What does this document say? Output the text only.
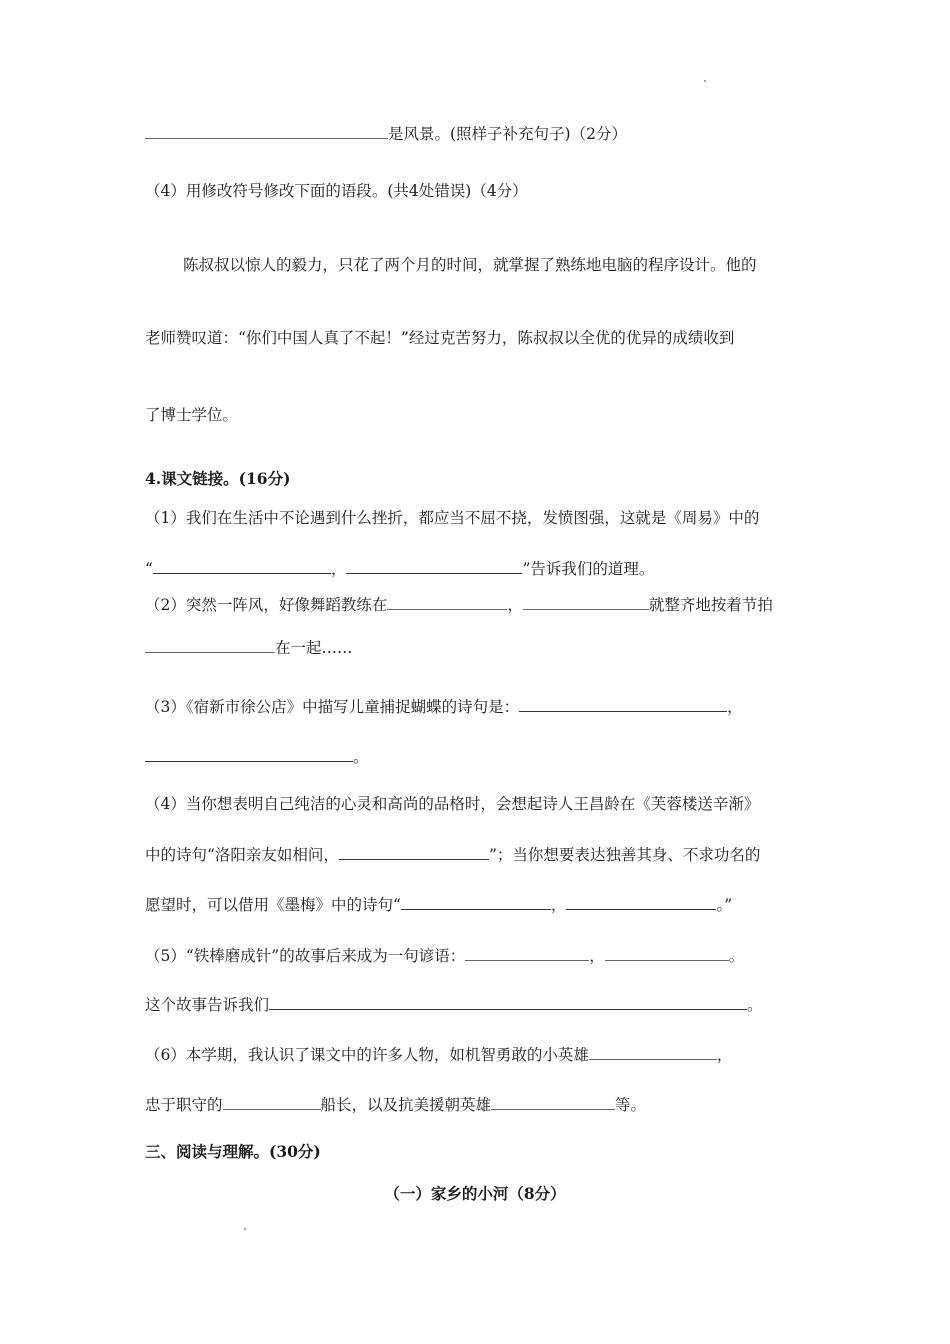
是风景。(照样子补充句子)（2分）
（4）用修改符号修改下面的语段。(共4处错误)（4分）
陈叔叔以惊人的毅力，只花了两个月的时间，就掌握了熟练地电脑的程序设计。他的
老师赞叹道：“你们中国人真了不起！”经过克苦努力，陈叔叔以全优的优异的成绩收到
了博士学位。
4.课文链接。(16分)
（1）我们在生活中不论遇到什么挫折，都应当不屈不挠，发愤图强，这就是《周易》中的
“	，	”告诉我们的道理。
（2）突然一阵风，好像舞蹈教练在	，	就整齐地按着节拍
在一起……
（3）《宿新市徐公店》中描写儿童捕捉蝴蝶的诗句是：	，
。
（4）当你想表明自己纯洁的心灵和高尚的品格时，会想起诗人王昌龄在《芙蓉楼送辛渐》
中的诗句“洛阳亲友如相问，	”；当你想要表达独善其身、不求功名的
愿望时，可以借用《墨梅》中的诗句“	，	。”
（5）“铁棒磨成针”的故事后来成为一句谚语：	，	。
这个故事告诉我们	。
（6）本学期，我认识了课文中的许多人物，如机智勇敢的小英雄	，
忠于职守的	船长，以及抗美援朝英雄	等。
三、阅读与理解。(30分)
（一）家乡的小河（8分）
